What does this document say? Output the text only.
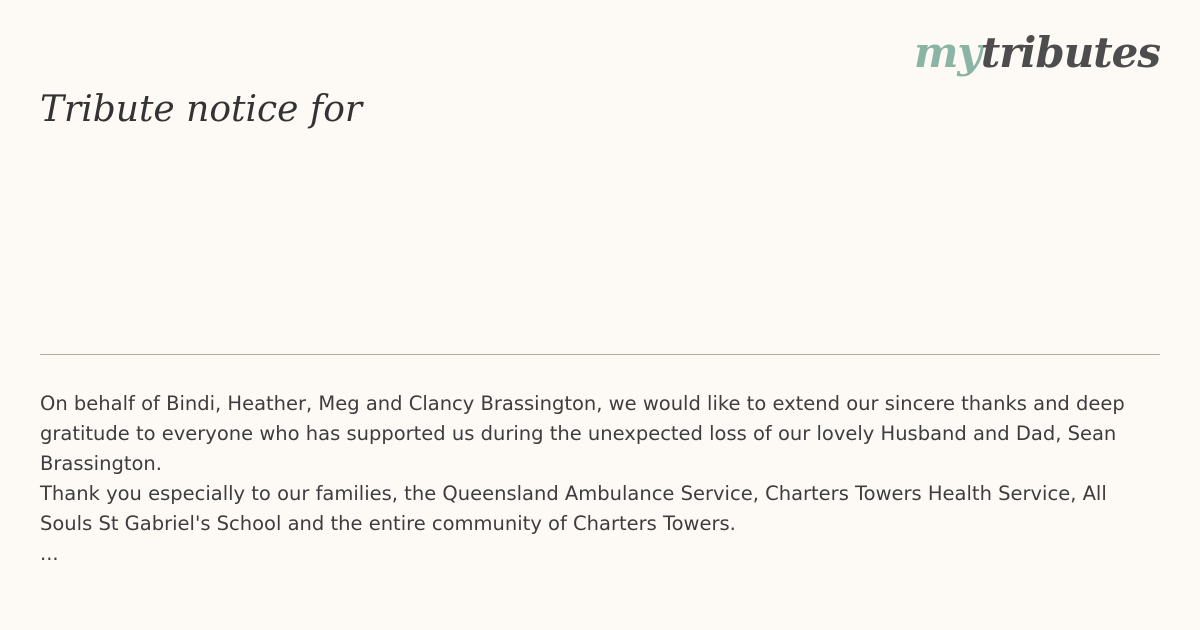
mytributes
Tribute notice for

On behalf of Bindi, Heather, Meg and Clancy Brassington, we would like to extend our sincere thanks and deep gratitude to everyone who has supported us during the unexpected loss of our lovely Husband and Dad, Sean Brassington.

Thank you especially to our families, the Queensland Ambulance Service, Charters Towers Health Service, All Souls St Gabriel's School and the entire community of Charters Towers.

...
